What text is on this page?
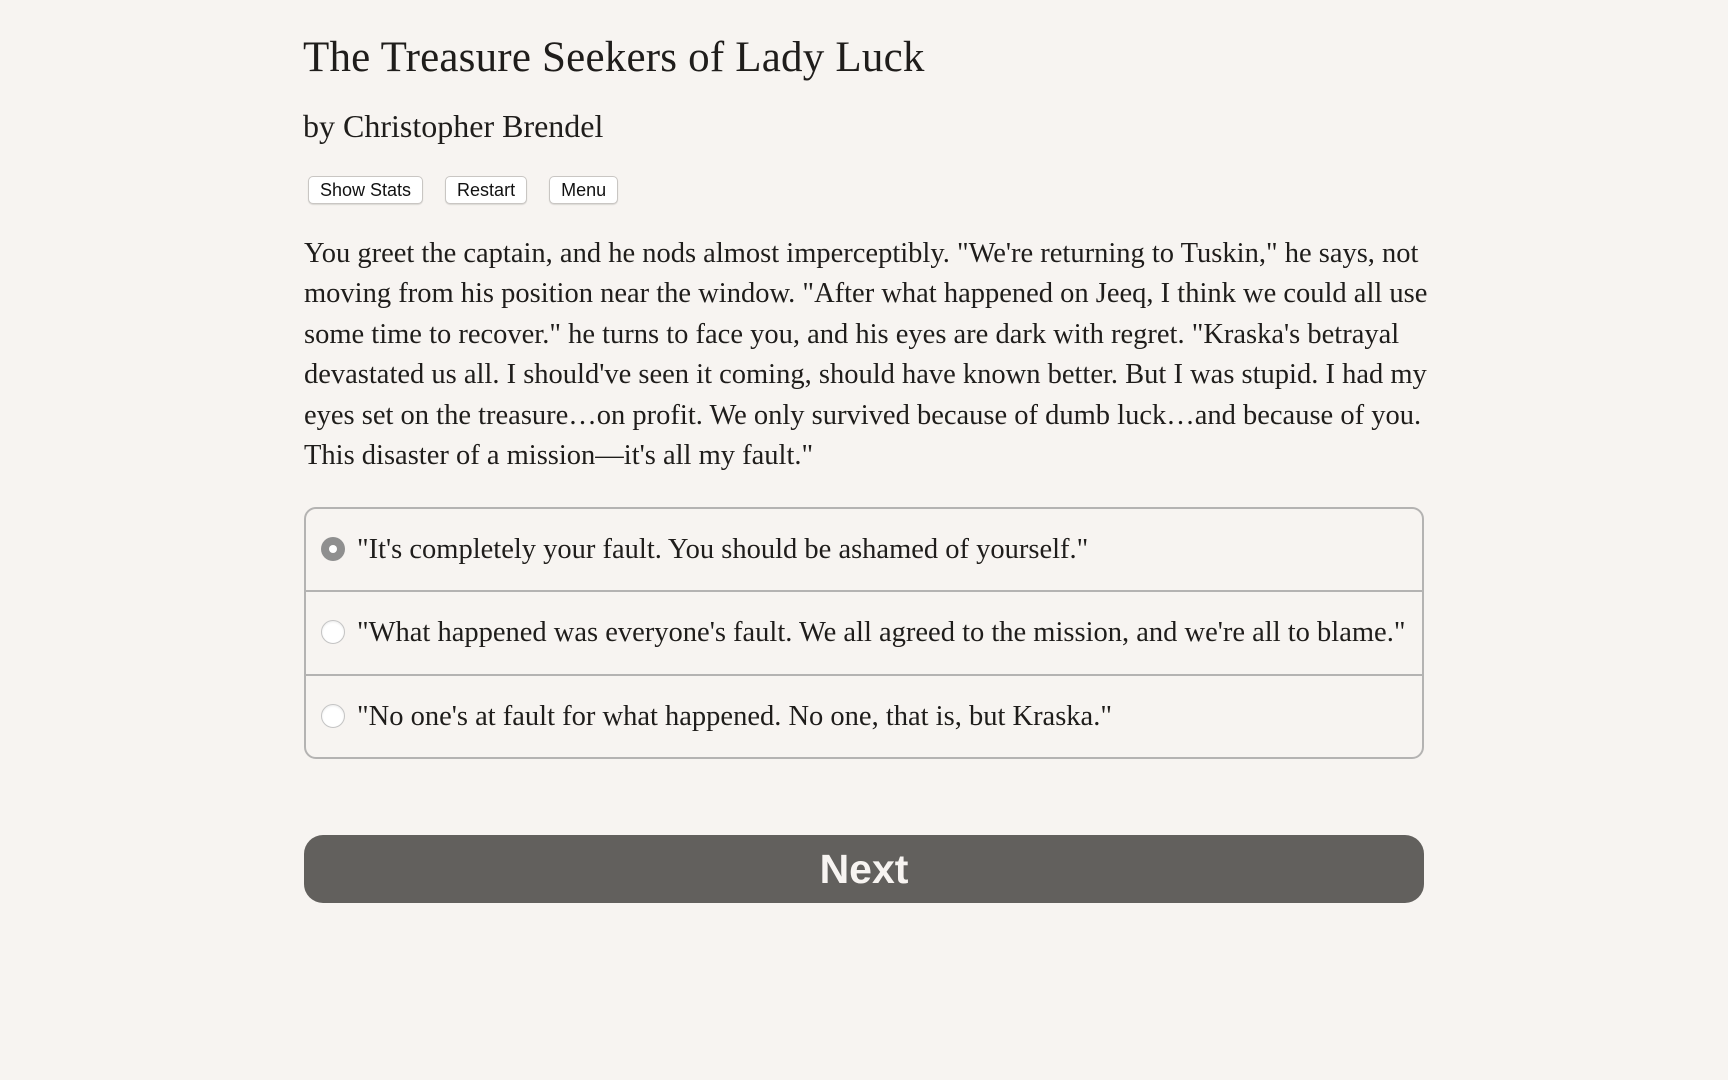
The Treasure Seekers of Lady Luck
by Christopher Brendel
Show Stats	Restart	Menu

You greet the captain, and he nods almost imperceptibly. "We're returning to Tuskin," he says, not moving from his position near the window. "After what happened on Jeeq, I think we could all use some time to recover." he turns to face you, and his eyes are dark with regret. "Kraska's betrayal devastated us all. I should've seen it coming, should have known better. But I was stupid. I had my eyes set on the treasure…on profit. We only survived because of dumb luck…and because of you. This disaster of a mission—it's all my fault."

"It's completely your fault. You should be ashamed of yourself."
"What happened was everyone's fault. We all agreed to the mission, and we're all to blame."
"No one's at fault for what happened. No one, that is, but Kraska."
Next
